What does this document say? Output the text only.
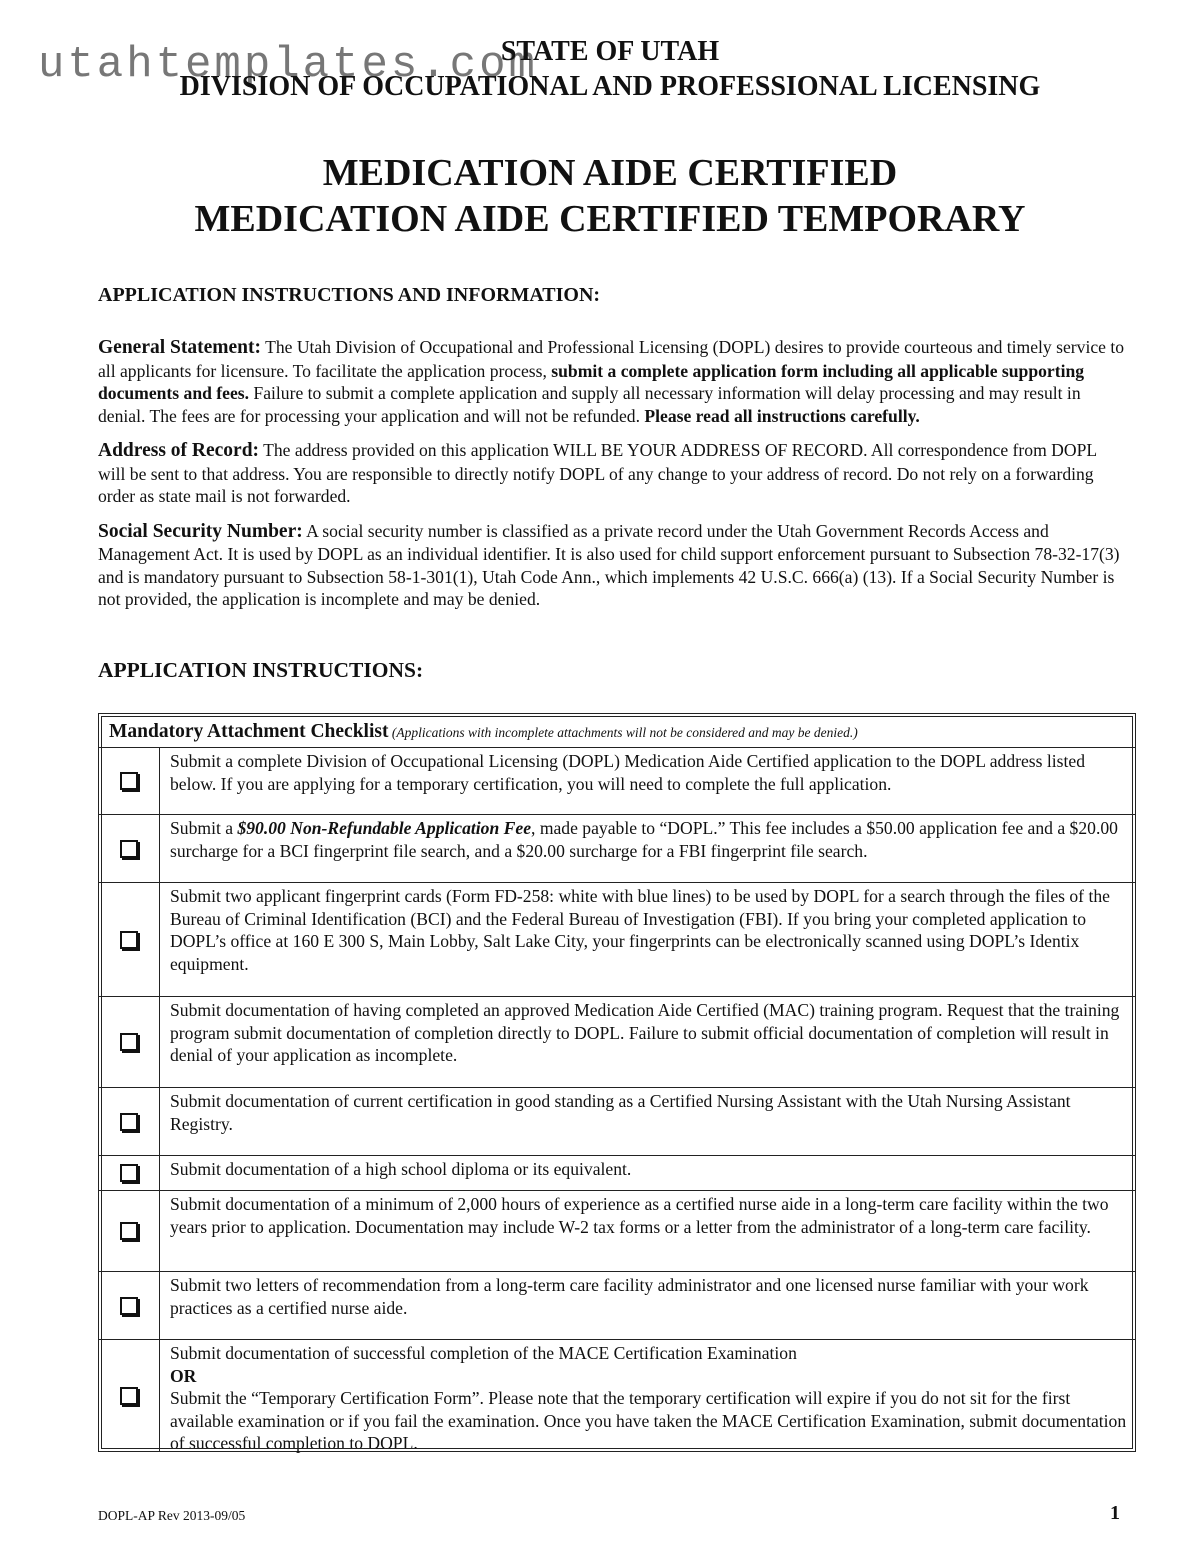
utahtemplates.com
STATE OF UTAH
DIVISION OF OCCUPATIONAL AND PROFESSIONAL LICENSING
MEDICATION AIDE CERTIFIED
MEDICATION AIDE CERTIFIED TEMPORARY
APPLICATION INSTRUCTIONS AND INFORMATION:

General Statement: The Utah Division of Occupational and Professional Licensing (DOPL) desires to provide courteous and timely service to all applicants for licensure. To facilitate the application process, submit a complete application form including all applicable supporting documents and fees. Failure to submit a complete application and supply all necessary information will delay processing and may result in denial. The fees are for processing your application and will not be refunded. Please read all instructions carefully.

Address of Record: The address provided on this application WILL BE YOUR ADDRESS OF RECORD. All correspondence from DOPL will be sent to that address. You are responsible to directly notify DOPL of any change to your address of record. Do not rely on a forwarding order as state mail is not forwarded.

Social Security Number: A social security number is classified as a private record under the Utah Government Records Access and Management Act. It is used by DOPL as an individual identifier. It is also used for child support enforcement pursuant to Subsection 78-32-17(3) and is mandatory pursuant to Subsection 58-1-301(1), Utah Code Ann., which implements 42 U.S.C. 666(a) (13). If a Social Security Number is not provided, the application is incomplete and may be denied.

APPLICATION INSTRUCTIONS:
Mandatory Attachment Checklist (Applications with incomplete attachments will not be considered and may be denied.)
Submit a complete Division of Occupational Licensing (DOPL) Medication Aide Certified application to the DOPL address listed below. If you are applying for a temporary certification, you will need to complete the full application.
Submit a $90.00 Non-Refundable Application Fee, made payable to “DOPL.” This fee includes a $50.00 application fee and a $20.00 surcharge for a BCI fingerprint file search, and a $20.00 surcharge for a FBI fingerprint file search.
Submit two applicant fingerprint cards (Form FD-258: white with blue lines) to be used by DOPL for a search through the files of the Bureau of Criminal Identification (BCI) and the Federal Bureau of Investigation (FBI). If you bring your completed application to DOPL’s office at 160 E 300 S, Main Lobby, Salt Lake City, your fingerprints can be electronically scanned using DOPL’s Identix equipment.
Submit documentation of having completed an approved Medication Aide Certified (MAC) training program. Request that the training program submit documentation of completion directly to DOPL. Failure to submit official documentation of completion will result in denial of your application as incomplete.
Submit documentation of current certification in good standing as a Certified Nursing Assistant with the Utah Nursing Assistant Registry.
Submit documentation of a high school diploma or its equivalent.
Submit documentation of a minimum of 2,000 hours of experience as a certified nurse aide in a long-term care facility within the two years prior to application. Documentation may include W-2 tax forms or a letter from the administrator of a long-term care facility.
Submit two letters of recommendation from a long-term care facility administrator and one licensed nurse familiar with your work practices as a certified nurse aide.
Submit documentation of successful completion of the MACE Certification Examination
OR
Submit the “Temporary Certification Form”. Please note that the temporary certification will expire if you do not sit for the first available examination or if you fail the examination. Once you have taken the MACE Certification Examination, submit documentation of successful completion to DOPL.
DOPL-AP Rev 2013-09/05	1
